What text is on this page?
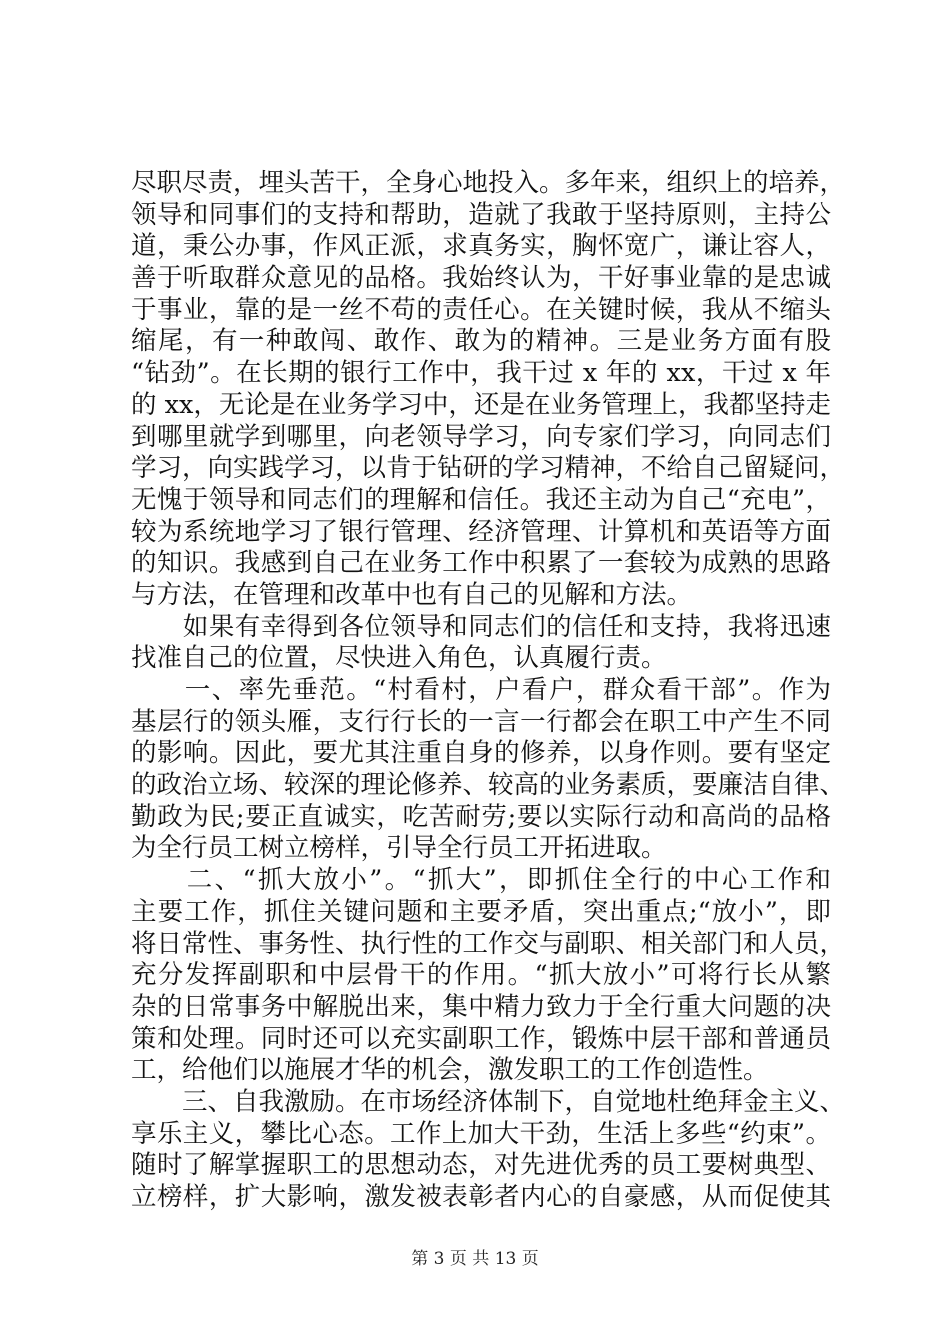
尽职尽责，埋头苦干，全身心地投入。多年来，组织上的培养，
领导和同事们的支持和帮助，造就了我敢于坚持原则，主持公
道，秉公办事，作风正派，求真务实，胸怀宽广，谦让容人，
善于听取群众意见的品格。我始终认为，干好事业靠的是忠诚
于事业，靠的是一丝不苟的责任心。在关键时候，我从不缩头
缩尾，有一种敢闯、敢作、敢为的精神。三是业务方面有股
“钻劲”。在长期的银行工作中，我干过 x 年的 xx，干过 x 年
的 xx，无论是在业务学习中，还是在业务管理上，我都坚持走
到哪里就学到哪里，向老领导学习，向专家们学习，向同志们
学习，向实践学习，以肯于钻研的学习精神，不给自己留疑问，
无愧于领导和同志们的理解和信任。我还主动为自己“充电”，
较为系统地学习了银行管理、经济管理、计算机和英语等方面
的知识。我感到自己在业务工作中积累了一套较为成熟的思路
与方法，在管理和改革中也有自己的见解和方法。
　　如果有幸得到各位领导和同志们的信任和支持，我将迅速
找准自己的位置，尽快进入角色，认真履行责。
　　一、率先垂范。“村看村，户看户，群众看干部”。作为
基层行的领头雁，支行行长的一言一行都会在职工中产生不同
的影响。因此，要尤其注重自身的修养，以身作则。要有坚定
的政治立场、较深的理论修养、较高的业务素质，要廉洁自律、
勤政为民;要正直诚实，吃苦耐劳;要以实际行动和高尚的品格
为全行员工树立榜样，引导全行员工开拓进取。
　　二、“抓大放小”。“抓大”，即抓住全行的中心工作和
主要工作，抓住关键问题和主要矛盾，突出重点;“放小”，即
将日常性、事务性、执行性的工作交与副职、相关部门和人员，
充分发挥副职和中层骨干的作用。“抓大放小”可将行长从繁
杂的日常事务中解脱出来，集中精力致力于全行重大问题的决
策和处理。同时还可以充实副职工作，锻炼中层干部和普通员
工，给他们以施展才华的机会，激发职工的工作创造性。
　　三、自我激励。在市场经济体制下，自觉地杜绝拜金主义、
享乐主义，攀比心态。工作上加大干劲，生活上多些“约束”。
随时了解掌握职工的思想动态，对先进优秀的员工要树典型、
立榜样，扩大影响，激发被表彰者内心的自豪感，从而促使其
第 3 页 共 13 页
